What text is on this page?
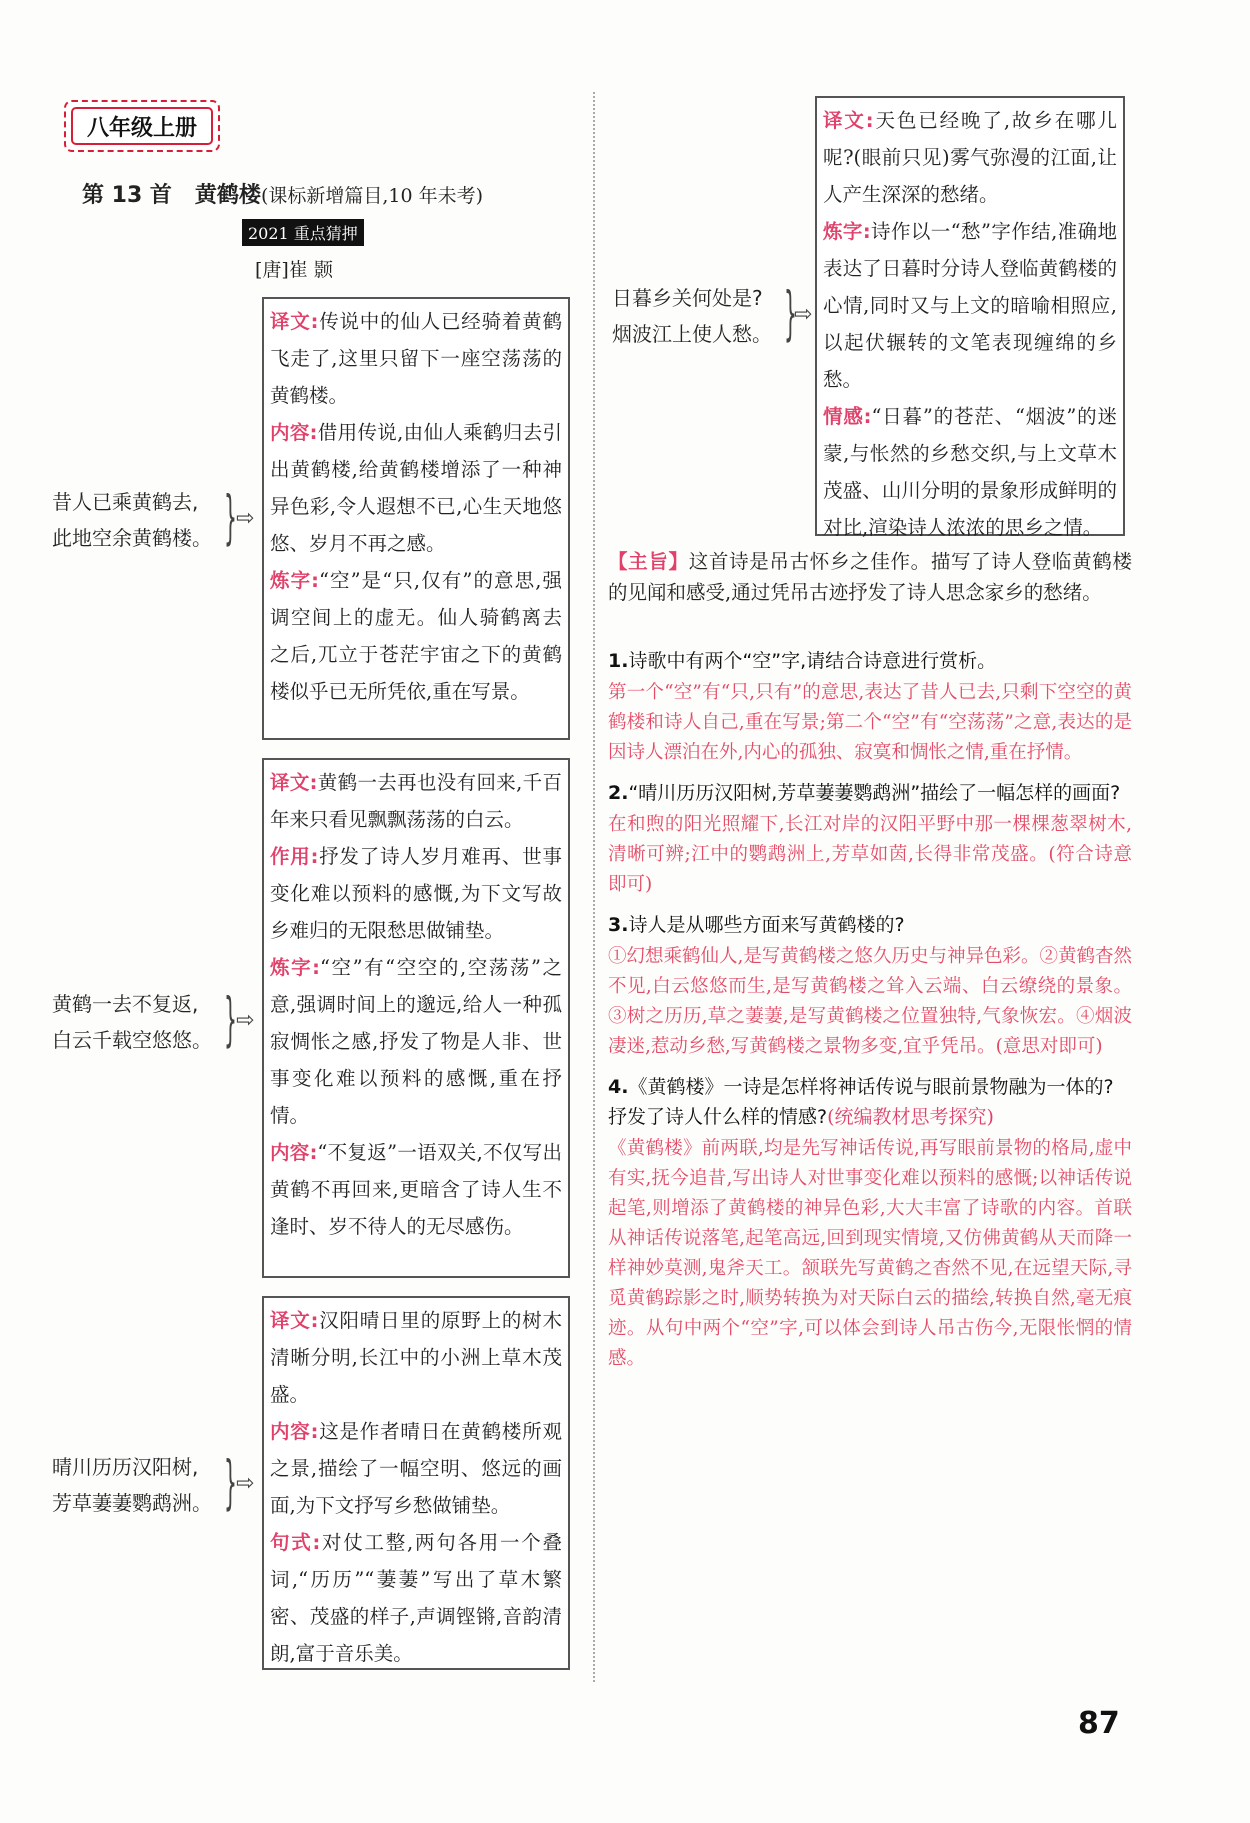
八年级上册
第 13 首 黄鹤楼(课标新增篇目,10 年未考)
2021 重点猜押
[唐]崔 颢
昔人已乘黄鹤去,
此地空余黄鹤楼。 } ⇨

译文:传说中的仙人已经骑着黄鹤飞走了,这里只留下一座空荡荡的黄鹤楼。

内容:借用传说,由仙人乘鹤归去引出黄鹤楼,给黄鹤楼增添了一种神异色彩,令人遐想不已,心生天地悠悠、岁月不再之感。

炼字:“空”是“只,仅有”的意思,强调空间上的虚无。仙人骑鹤离去之后,兀立于苍茫宇宙之下的黄鹤楼似乎已无所凭依,重在写景。

黄鹤一去不复返,
白云千载空悠悠。 } ⇨

译文:黄鹤一去再也没有回来,千百年来只看见飘飘荡荡的白云。

作用:抒发了诗人岁月难再、世事变化难以预料的感慨,为下文写故乡难归的无限愁思做铺垫。

炼字:“空”有“空空的,空荡荡”之意,强调时间上的邈远,给人一种孤寂惆怅之感,抒发了物是人非、世事变化难以预料的感慨,重在抒情。

内容:“不复返”一语双关,不仅写出黄鹤不再回来,更暗含了诗人生不逢时、岁不待人的无尽感伤。

晴川历历汉阳树,
芳草萋萋鹦鹉洲。 } ⇨

译文:汉阳晴日里的原野上的树木清晰分明,长江中的小洲上草木茂盛。

内容:这是作者晴日在黄鹤楼所观之景,描绘了一幅空明、悠远的画面,为下文抒写乡愁做铺垫。

句式:对仗工整,两句各用一个叠词,“历历”“萋萋”写出了草木繁密、茂盛的样子,声调铿锵,音韵清朗,富于音乐美。

日暮乡关何处是?
烟波江上使人愁。 }
⇨

译文:天色已经晚了,故乡在哪儿呢?(眼前只见)雾气弥漫的江面,让人产生深深的愁绪。

炼字:诗作以一“愁”字作结,准确地表达了日暮时分诗人登临黄鹤楼的心情,同时又与上文的暗喻相照应,以起伏辗转的文笔表现缠绵的乡愁。

情感:“日暮”的苍茫、“烟波”的迷蒙,与怅然的乡愁交织,与上文草木茂盛、山川分明的景象形成鲜明的对比,渲染诗人浓浓的思乡之情。

【主旨】这首诗是吊古怀乡之佳作。描写了诗人登临黄鹤楼的见闻和感受,通过凭吊古迹抒发了诗人思念家乡的愁绪。
1.诗歌中有两个“空”字,请结合诗意进行赏析。
第一个“空”有“只,只有”的意思,表达了昔人已去,只剩下空空的黄鹤楼和诗人自己,重在写景;第二个“空”有“空荡荡”之意,表达的是因诗人漂泊在外,内心的孤独、寂寞和惆怅之情,重在抒情。
2.“晴川历历汉阳树,芳草萋萋鹦鹉洲”描绘了一幅怎样的画面?
在和煦的阳光照耀下,长江对岸的汉阳平野中那一棵棵葱翠树木,清晰可辨;江中的鹦鹉洲上,芳草如茵,长得非常茂盛。(符合诗意即可)
3.诗人是从哪些方面来写黄鹤楼的?
①幻想乘鹤仙人,是写黄鹤楼之悠久历史与神异色彩。②黄鹤杳然不见,白云悠悠而生,是写黄鹤楼之耸入云端、白云缭绕的景象。③树之历历,草之萋萋,是写黄鹤楼之位置独特,气象恢宏。④烟波凄迷,惹动乡愁,写黄鹤楼之景物多变,宜乎凭吊。(意思对即可)
4.《黄鹤楼》一诗是怎样将神话传说与眼前景物融为一体的?抒发了诗人什么样的情感?(统编教材思考探究)
《黄鹤楼》前两联,均是先写神话传说,再写眼前景物的格局,虚中有实,抚今追昔,写出诗人对世事变化难以预料的感慨;以神话传说起笔,则增添了黄鹤楼的神异色彩,大大丰富了诗歌的内容。首联从神话传说落笔,起笔高远,回到现实情境,又仿佛黄鹤从天而降一样神妙莫测,鬼斧天工。颔联先写黄鹤之杳然不见,在远望天际,寻觅黄鹤踪影之时,顺势转换为对天际白云的描绘,转换自然,毫无痕迹。从句中两个“空”字,可以体会到诗人吊古伤今,无限怅惘的情感。
87
